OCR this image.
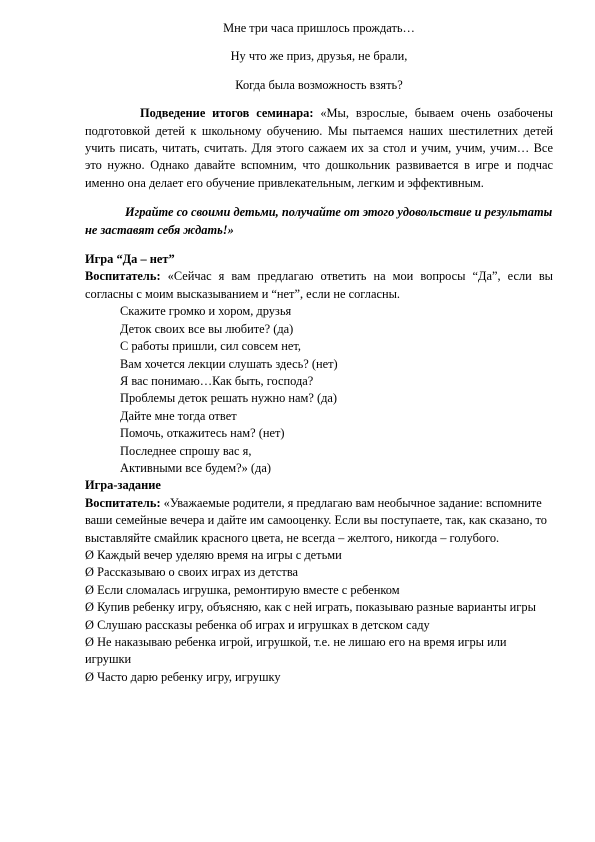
Мне три часа пришлось прождать…
Ну что же приз, друзья, не брали,
Когда была возможность взять?
Подведение итогов семинара: «Мы, взрослые, бываем очень озабочены подготовкой детей к школьному обучению. Мы пытаемся наших шестилетних детей учить писать, читать, считать. Для этого сажаем их за стол и учим, учим, учим… Все это нужно. Однако давайте вспомним, что дошкольник развивается в игре и подчас именно она делает его обучение привлекательным, легким и эффективным.
Играйте со своими детьми, получайте от этого удовольствие и результаты не заставят себя ждать!»
Игра “Да – нет”
Воспитатель: «Сейчас я вам предлагаю ответить на мои вопросы “Да”, если вы согласны с моим высказыванием и “нет”, если не согласны.
Скажите громко и хором, друзья
Деток своих все вы любите? (да)
С работы пришли, сил совсем нет,
Вам хочется лекции слушать здесь? (нет)
Я вас понимаю…Как быть, господа?
Проблемы деток решать нужно нам? (да)
Дайте мне тогда ответ
Помочь, откажитесь нам? (нет)
Последнее спрошу вас я,
Активными все будем?» (да)
Игра-задание
Воспитатель: «Уважаемые родители, я предлагаю вам необычное задание: вспомните ваши семейные вечера и дайте им самооценку. Если вы поступаете, так, как сказано, то выставляйте смайлик красного цвета, не всегда – желтого, никогда – голубого.
Ø Каждый вечер уделяю время на игры с детьми
Ø Рассказываю о своих играх из детства
Ø Если сломалась игрушка, ремонтирую вместе с ребенком
Ø Купив ребенку игру, объясняю, как с ней играть, показываю разные варианты игры
Ø Слушаю рассказы ребенка об играх и игрушках в детском саду
Ø Не наказываю ребенка игрой, игрушкой, т.е. не лишаю его на время игры или игрушки
Ø Часто дарю ребенку игру, игрушку
